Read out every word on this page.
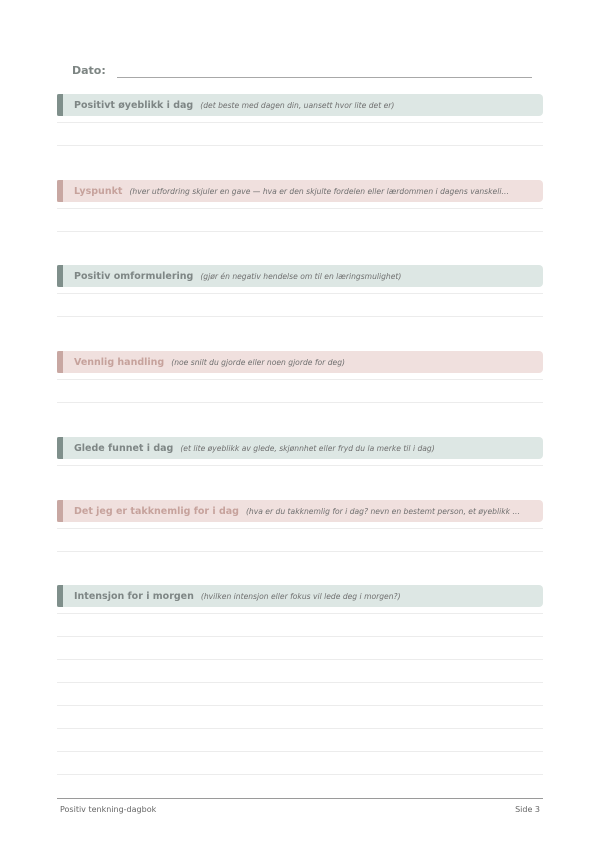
Dato:
Positivt øyeblikk i dag (det beste med dagen din, uansett hvor lite det er)
Lyspunkt (hver utfordring skjuler en gave — hva er den skjulte fordelen eller lærdommen i dagens vanskeli…
Positiv omformulering (gjør én negativ hendelse om til en læringsmulighet)
Vennlig handling (noe snilt du gjorde eller noen gjorde for deg)
Glede funnet i dag (et lite øyeblikk av glede, skjønnhet eller fryd du la merke til i dag)
Det jeg er takknemlig for i dag (hva er du takknemlig for i dag? nevn en bestemt person, et øyeblikk …
Intensjon for i morgen (hvilken intensjon eller fokus vil lede deg i morgen?)
Positiv tenkning-dagbok	Side 3
